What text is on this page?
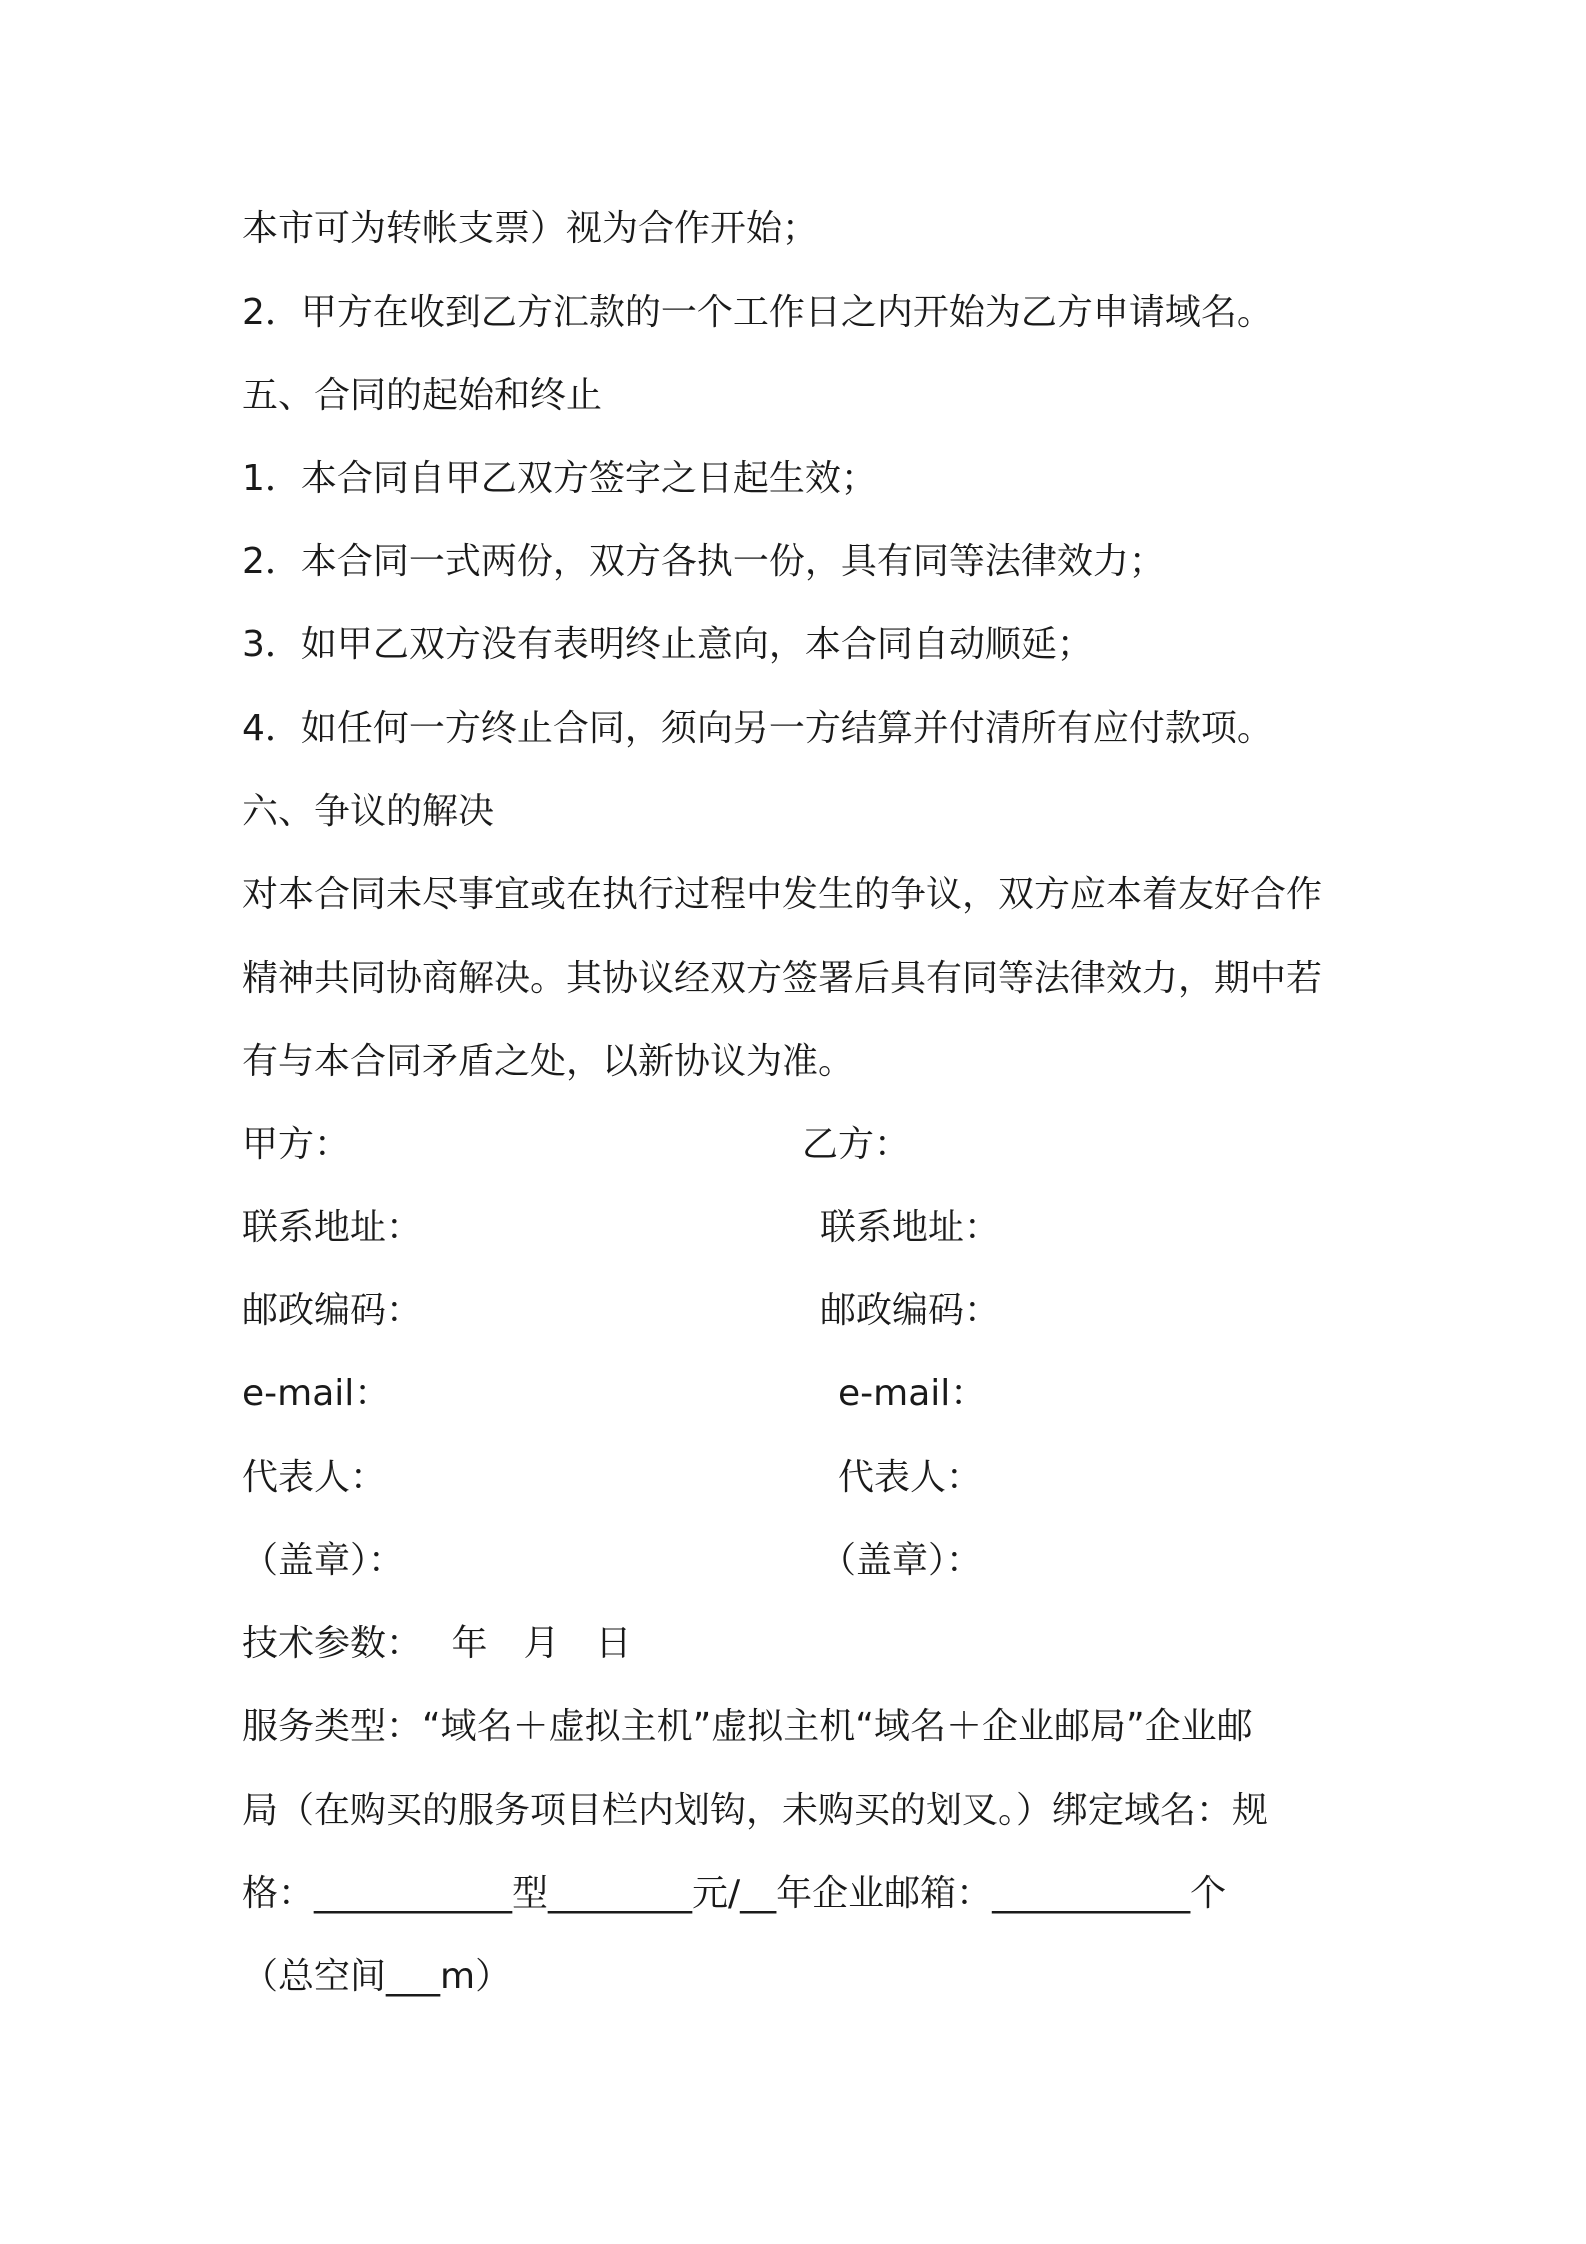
本市可为转帐支票）视为合作开始；
2．甲方在收到乙方汇款的一个工作日之内开始为乙方申请域名。
五、合同的起始和终止
1．本合同自甲乙双方签字之日起生效；
2．本合同一式两份，双方各执一份，具有同等法律效力；
3．如甲乙双方没有表明终止意向，本合同自动顺延；
4．如任何一方终止合同，须向另一方结算并付清所有应付款项。
六、争议的解决
对本合同未尽事宜或在执行过程中发生的争议，双方应本着友好合作
精神共同协商解决。其协议经双方签署后具有同等法律效力，期中若
有与本合同矛盾之处，以新协议为准。
甲方：	乙方：
联系地址：	联系地址：
邮政编码：	邮政编码：
e-mail：	e-mail：
代表人：	代表人：
（盖章）：	（盖章）：
技术参数：　 年　月　日
服务类型：“域名＋虚拟主机”虚拟主机“域名＋企业邮局”企业邮
局（在购买的服务项目栏内划钩，未购买的划叉。）绑定域名：规
格：___________型________元/__年企业邮箱：___________个
（总空间___m）
